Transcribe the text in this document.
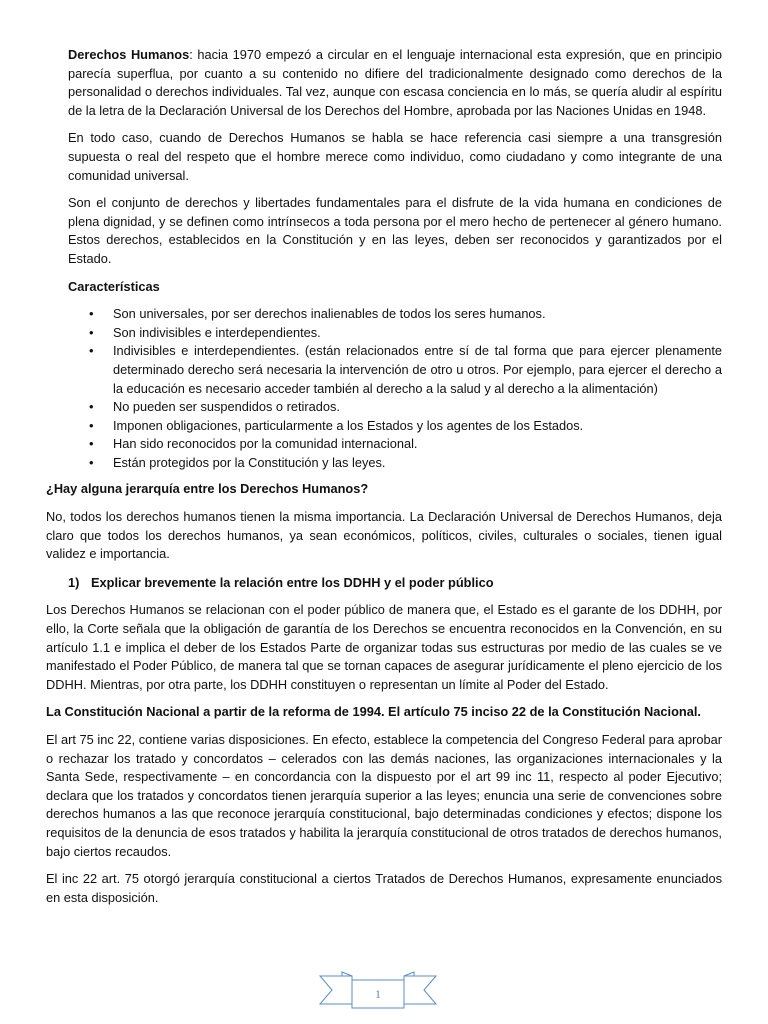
Derechos Humanos: hacia 1970 empezó a circular en el lenguaje internacional esta expresión, que en principio parecía superflua, por cuanto a su contenido no difiere del tradicionalmente designado como derechos de la personalidad o derechos individuales. Tal vez, aunque con escasa conciencia en lo más, se quería aludir al espíritu de la letra de la Declaración Universal de los Derechos del Hombre, aprobada por las Naciones Unidas en 1948.

En todo caso, cuando de Derechos Humanos se habla se hace referencia casi siempre a una transgresión supuesta o real del respeto que el hombre merece como individuo, como ciudadano y como integrante de una comunidad universal.

Son el conjunto de derechos y libertades fundamentales para el disfrute de la vida humana en condiciones de plena dignidad, y se definen como intrínsecos a toda persona por el mero hecho de pertenecer al género humano. Estos derechos, establecidos en la Constitución y en las leyes, deben ser reconocidos y garantizados por el Estado.

Características

• Son universales, por ser derechos inalienables de todos los seres humanos.
• Son indivisibles e interdependientes.
• Indivisibles e interdependientes. (están relacionados entre sí de tal forma que para ejercer plenamente determinado derecho será necesaria la intervención de otro u otros. Por ejemplo, para ejercer el derecho a la educación es necesario acceder también al derecho a la salud y al derecho a la alimentación)
• No pueden ser suspendidos o retirados.
• Imponen obligaciones, particularmente a los Estados y los agentes de los Estados.
• Han sido reconocidos por la comunidad internacional.
• Están protegidos por la Constitución y las leyes.

¿Hay alguna jerarquía entre los Derechos Humanos?

No, todos los derechos humanos tienen la misma importancia. La Declaración Universal de Derechos Humanos, deja claro que todos los derechos humanos, ya sean económicos, políticos, civiles, culturales o sociales, tienen igual validez e importancia.

1) Explicar brevemente la relación entre los DDHH y el poder público

Los Derechos Humanos se relacionan con el poder público de manera que, el Estado es el garante de los DDHH, por ello, la Corte señala que la obligación de garantía de los Derechos se encuentra reconocidos en la Convención, en su artículo 1.1 e implica el deber de los Estados Parte de organizar todas sus estructuras por medio de las cuales se ve manifestado el Poder Público, de manera tal que se tornan capaces de asegurar jurídicamente el pleno ejercicio de los DDHH. Mientras, por otra parte, los DDHH constituyen o representan un límite al Poder del Estado.

La Constitución Nacional a partir de la reforma de 1994. El artículo 75 inciso 22 de la Constitución Nacional.

El art 75 inc 22, contiene varias disposiciones. En efecto, establece la competencia del Congreso Federal para aprobar o rechazar los tratado y concordatos – celerados con las demás naciones, las organizaciones internacionales y la Santa Sede, respectivamente – en concordancia con la dispuesto por el art 99 inc 11, respecto al poder Ejecutivo; declara que los tratados y concordatos tienen jerarquía superior a las leyes; enuncia una serie de convenciones sobre derechos humanos a las que reconoce jerarquía constitucional, bajo determinadas condiciones y efectos; dispone los requisitos de la denuncia de esos tratados y habilita la jerarquía constitucional de otros tratados de derechos humanos, bajo ciertos recaudos.

El inc 22 art. 75 otorgó jerarquía constitucional a ciertos Tratados de Derechos Humanos, expresamente enunciados en esta disposición.

1
